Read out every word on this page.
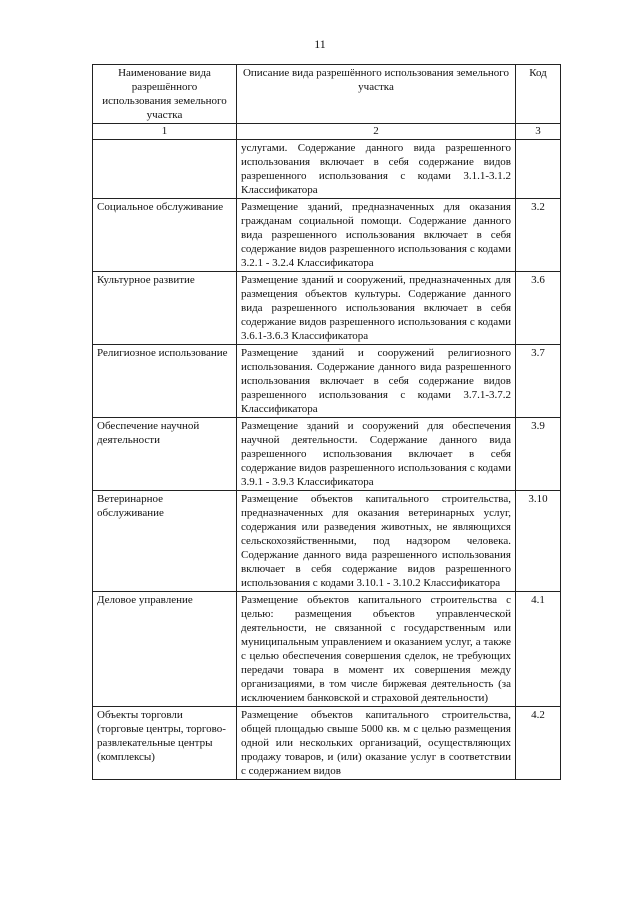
11
Наименование вида разрешённого использования земельного участка	Описание вида разрешённого использования земельного участка	Код
1	2	3
	услугами. Содержание данного вида разрешенного использования включает в себя содержание видов разрешенного использования с кодами 3.1.1-3.1.2 Классификатора	
Социальное обслуживание	Размещение зданий, предназначенных для оказания гражданам социальной помощи. Содержание данного вида разрешенного использования включает в себя содержание видов разрешенного использования с кодами 3.2.1 - 3.2.4 Классификатора	3.2
Культурное развитие	Размещение зданий и сооружений, предназначенных для размещения объектов культуры. Содержание данного вида разрешенного использования включает в себя содержание видов разрешенного использования с кодами 3.6.1-3.6.3 Классификатора	3.6
Религиозное использование	Размещение зданий и сооружений религиозного использования. Содержание данного вида разрешенного использования включает в себя содержание видов разрешенного использования с кодами 3.7.1-3.7.2 Классификатора	3.7
Обеспечение научной деятельности	Размещение зданий и сооружений для обеспечения научной деятельности. Содержание данного вида разрешенного использования включает в себя содержание видов разрешенного использования с кодами 3.9.1 - 3.9.3 Классификатора	3.9
Ветеринарное обслуживание	Размещение объектов капитального строительства, предназначенных для оказания ветеринарных услуг, содержания или разведения животных, не являющихся сельскохозяйственными, под надзором человека. Содержание данного вида разрешенного использования включает в себя содержание видов разрешенного использования с кодами 3.10.1 - 3.10.2 Классификатора	3.10
Деловое управление	Размещение объектов капитального строительства с целью: размещения объектов управленческой деятельности, не связанной с государственным или муниципальным управлением и оказанием услуг, а также с целью обеспечения совершения сделок, не требующих передачи товара в момент их совершения между организациями, в том числе биржевая деятельность (за исключением банковской и страховой деятельности)	4.1
Объекты торговли (торговые центры, торгово-развлекательные центры (комплексы)	Размещение объектов капитального строительства, общей площадью свыше 5000 кв. м с целью размещения одной или нескольких организаций, осуществляющих продажу товаров, и (или) оказание услуг в соответствии с содержанием видов	4.2
